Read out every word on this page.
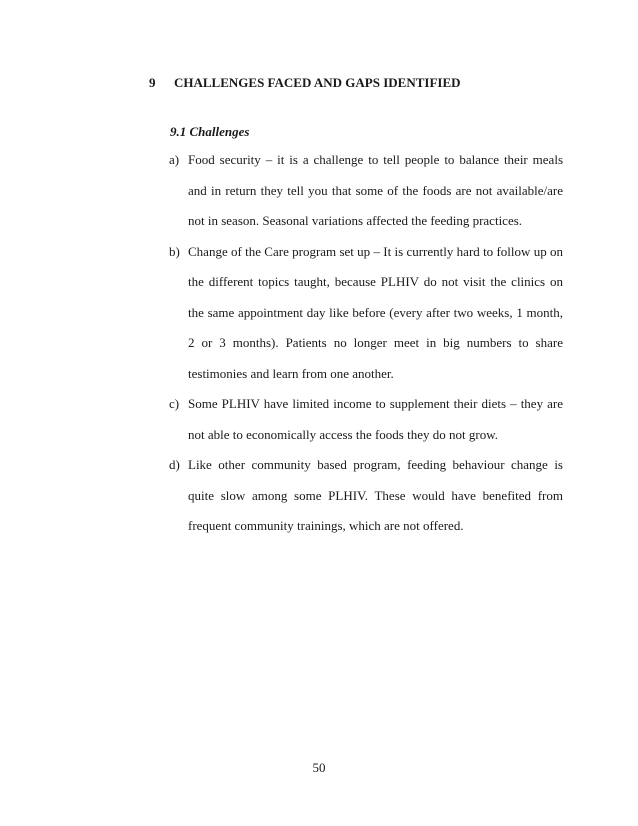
9 CHALLENGES FACED AND GAPS IDENTIFIED
9.1 Challenges
a) Food security – it is a challenge to tell people to balance their meals and in return they tell you that some of the foods are not available/are not in season. Seasonal variations affected the feeding practices.
b) Change of the Care program set up – It is currently hard to follow up on the different topics taught, because PLHIV do not visit the clinics on the same appointment day like before (every after two weeks, 1 month, 2 or 3 months). Patients no longer meet in big numbers to share testimonies and learn from one another.
c) Some PLHIV have limited income to supplement their diets – they are not able to economically access the foods they do not grow.
d) Like other community based program, feeding behaviour change is quite slow among some PLHIV. These would have benefited from frequent community trainings, which are not offered.
50
